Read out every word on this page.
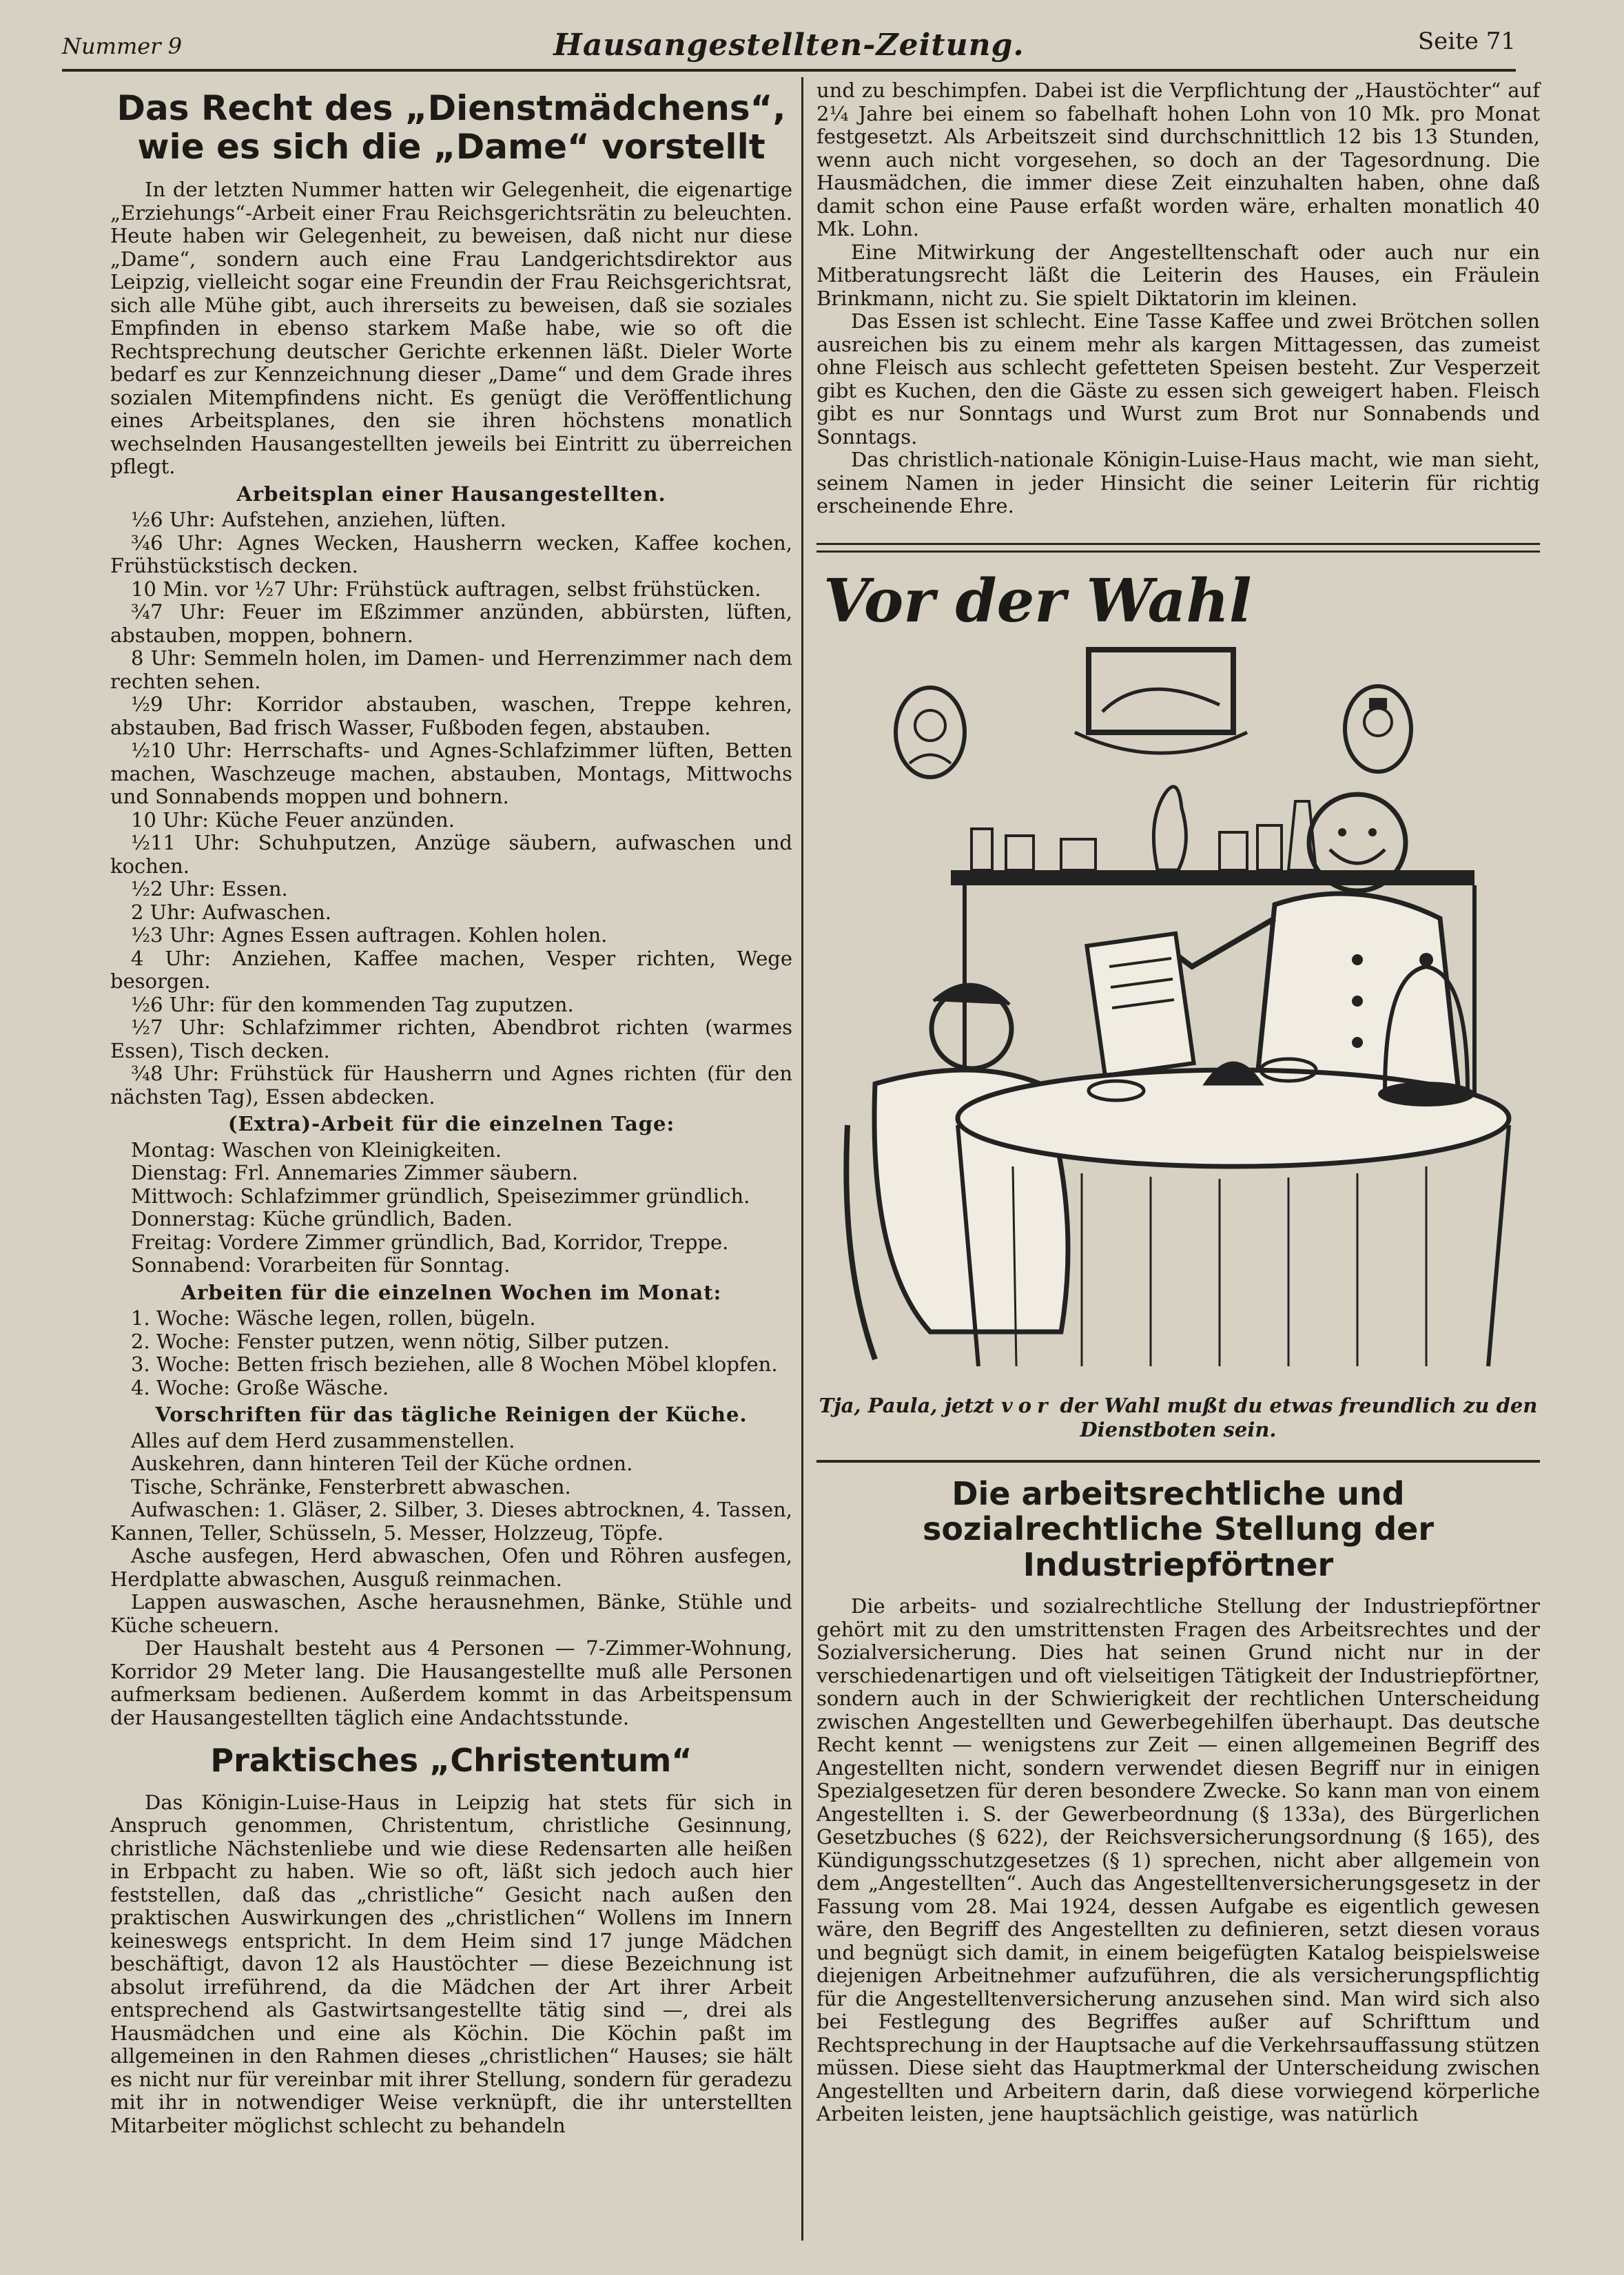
Nummer 9	Hausangestellten-Zeitung.	Seite 71
Das Recht des „Dienstmädchens“, wie es sich die „Dame“ vorstellt

In der letzten Nummer hatten wir Gelegenheit, die eigenartige „Erziehungs“-Arbeit einer Frau Reichsgerichtsrätin zu beleuchten. Heute haben wir Gelegenheit, zu beweisen, daß nicht nur diese „Dame“, sondern auch eine Frau Landgerichtsdirektor aus Leipzig, vielleicht sogar eine Freundin der Frau Reichsgerichtsrat, sich alle Mühe gibt, auch ihrerseits zu beweisen, daß sie soziales Empfinden in ebenso starkem Maße habe, wie so oft die Rechtsprechung deutscher Gerichte erkennen läßt. Dieler Worte bedarf es zur Kennzeichnung dieser „Dame“ und dem Grade ihres sozialen Mitempfindens nicht. Es genügt die Veröffentlichung eines Arbeitsplanes, den sie ihren höchstens monatlich wechselnden Hausangestellten jeweils bei Eintritt zu überreichen pflegt.

Arbeitsplan einer Hausangestellten.
½6 Uhr: Aufstehen, anziehen, lüften.
¾6 Uhr: Agnes Wecken, Hausherrn wecken, Kaffee kochen, Frühstückstisch decken.
10 Min. vor ½7 Uhr: Frühstück auftragen, selbst frühstücken.
¾7 Uhr: Feuer im Eßzimmer anzünden, abbürsten, lüften, abstauben, moppen, bohnern.
8 Uhr: Semmeln holen, im Damen- und Herrenzimmer nach dem rechten sehen.
½9 Uhr: Korridor abstauben, waschen, Treppe kehren, abstauben, Bad frisch Wasser, Fußboden fegen, abstauben.
½10 Uhr: Herrschafts- und Agnes-Schlafzimmer lüften, Betten machen, Waschzeuge machen, abstauben, Montags, Mittwochs und Sonnabends moppen und bohnern.
10 Uhr: Küche Feuer anzünden.
½11 Uhr: Schuhputzen, Anzüge säubern, aufwaschen und kochen.
½2 Uhr: Essen.
2 Uhr: Aufwaschen.
½3 Uhr: Agnes Essen auftragen. Kohlen holen.
4 Uhr: Anziehen, Kaffee machen, Vesper richten, Wege besorgen.
½6 Uhr: für den kommenden Tag zuputzen.
½7 Uhr: Schlafzimmer richten, Abendbrot richten (warmes Essen), Tisch decken.
¾8 Uhr: Frühstück für Hausherrn und Agnes richten (für den nächsten Tag), Essen abdecken.
(Extra)-Arbeit für die einzelnen Tage:
Montag: Waschen von Kleinigkeiten.
Dienstag: Frl. Annemaries Zimmer säubern.
Mittwoch: Schlafzimmer gründlich, Speisezimmer gründlich.
Donnerstag: Küche gründlich, Baden.
Freitag: Vordere Zimmer gründlich, Bad, Korridor, Treppe.
Sonnabend: Vorarbeiten für Sonntag.
Arbeiten für die einzelnen Wochen im Monat:
1. Woche: Wäsche legen, rollen, bügeln.
2. Woche: Fenster putzen, wenn nötig, Silber putzen.
3. Woche: Betten frisch beziehen, alle 8 Wochen Möbel klopfen.
4. Woche: Große Wäsche.
Vorschriften für das tägliche Reinigen der Küche.
Alles auf dem Herd zusammenstellen.
Auskehren, dann hinteren Teil der Küche ordnen.
Tische, Schränke, Fensterbrett abwaschen.
Aufwaschen: 1. Gläser, 2. Silber, 3. Dieses abtrocknen, 4. Tassen, Kannen, Teller, Schüsseln, 5. Messer, Holzzeug, Töpfe.
Asche ausfegen, Herd abwaschen, Ofen und Röhren ausfegen, Herdplatte abwaschen, Ausguß reinmachen.
Lappen auswaschen, Asche herausnehmen, Bänke, Stühle und Küche scheuern.

Der Haushalt besteht aus 4 Personen — 7-Zimmer-Wohnung, Korridor 29 Meter lang. Die Hausangestellte muß alle Personen aufmerksam bedienen. Außerdem kommt in das Arbeitspensum der Hausangestellten täglich eine Andachtsstunde.

Praktisches „Christentum“

Das Königin-Luise-Haus in Leipzig hat stets für sich in Anspruch genommen, Christentum, christliche Gesinnung, christliche Nächstenliebe und wie diese Redensarten alle heißen in Erbpacht zu haben. Wie so oft, läßt sich jedoch auch hier feststellen, daß das „christliche“ Gesicht nach außen den praktischen Auswirkungen des „christlichen“ Wollens im Innern keineswegs entspricht. In dem Heim sind 17 junge Mädchen beschäftigt, davon 12 als Haustöchter — diese Bezeichnung ist absolut irreführend, da die Mädchen der Art ihrer Arbeit entsprechend als Gastwirtsangestellte tätig sind —, drei als Hausmädchen und eine als Köchin. Die Köchin paßt im allgemeinen in den Rahmen dieses „christlichen“ Hauses; sie hält es nicht nur für vereinbar mit ihrer Stellung, sondern für geradezu mit ihr in notwendiger Weise verknüpft, die ihr unterstellten Mitarbeiter möglichst schlecht zu behandeln

und zu beschimpfen. Dabei ist die Verpflichtung der „Haustöchter“ auf 2¼ Jahre bei einem so fabelhaft hohen Lohn von 10 Mk. pro Monat festgesetzt. Als Arbeitszeit sind durchschnittlich 12 bis 13 Stunden, wenn auch nicht vorgesehen, so doch an der Tagesordnung. Die Hausmädchen, die immer diese Zeit einzuhalten haben, ohne daß damit schon eine Pause erfaßt worden wäre, erhalten monatlich 40 Mk. Lohn.

Eine Mitwirkung der Angestelltenschaft oder auch nur ein Mitberatungsrecht läßt die Leiterin des Hauses, ein Fräulein Brinkmann, nicht zu. Sie spielt Diktatorin im kleinen.

Das Essen ist schlecht. Eine Tasse Kaffee und zwei Brötchen sollen ausreichen bis zu einem mehr als kargen Mittagessen, das zumeist ohne Fleisch aus schlecht gefetteten Speisen besteht. Zur Vesperzeit gibt es Kuchen, den die Gäste zu essen sich geweigert haben. Fleisch gibt es nur Sonntags und Wurst zum Brot nur Sonnabends und Sonntags.

Das christlich-nationale Königin-Luise-Haus macht, wie man sieht, seinem Namen in jeder Hinsicht die seiner Leiterin für richtig erscheinende Ehre.

Vor der Wahl
Tja, Paula, jetzt vor der Wahl mußt du etwas freundlich zu den Dienstboten sein.
Die arbeitsrechtliche und sozialrechtliche Stellung der Industriepförtner

Die arbeits- und sozialrechtliche Stellung der Industriepförtner gehört mit zu den umstrittensten Fragen des Arbeitsrechtes und der Sozialversicherung. Dies hat seinen Grund nicht nur in der verschiedenartigen und oft vielseitigen Tätigkeit der Industriepförtner, sondern auch in der Schwierigkeit der rechtlichen Unterscheidung zwischen Angestellten und Gewerbegehilfen überhaupt. Das deutsche Recht kennt — wenigstens zur Zeit — einen allgemeinen Begriff des Angestellten nicht, sondern verwendet diesen Begriff nur in einigen Spezialgesetzen für deren besondere Zwecke. So kann man von einem Angestellten i. S. der Gewerbeordnung (§ 133a), des Bürgerlichen Gesetzbuches (§ 622), der Reichsversicherungsordnung (§ 165), des Kündigungsschutzgesetzes (§ 1) sprechen, nicht aber allgemein von dem „Angestellten“. Auch das Angestelltenversicherungsgesetz in der Fassung vom 28. Mai 1924, dessen Aufgabe es eigentlich gewesen wäre, den Begriff des Angestellten zu definieren, setzt diesen voraus und begnügt sich damit, in einem beigefügten Katalog beispielsweise diejenigen Arbeitnehmer aufzuführen, die als versicherungspflichtig für die Angestelltenversicherung anzusehen sind. Man wird sich also bei Festlegung des Begriffes außer auf Schrifttum und Rechtsprechung in der Hauptsache auf die Verkehrsauffassung stützen müssen. Diese sieht das Hauptmerkmal der Unterscheidung zwischen Angestellten und Arbeitern darin, daß diese vorwiegend körperliche Arbeiten leisten, jene hauptsächlich geistige, was natürlich
